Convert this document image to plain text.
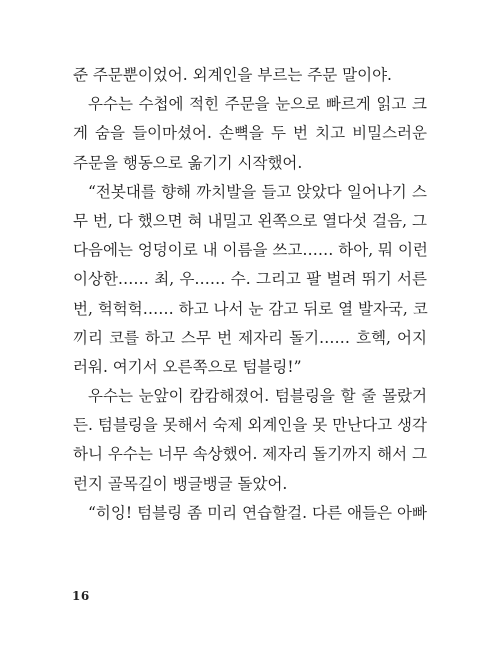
준 주문뿐이었어. 외계인을 부르는 주문 말이야.
우수는 수첩에 적힌 주문을 눈으로 빠르게 읽고 크
게 숨을 들이마셨어. 손뼉을 두 번 치고 비밀스러운
주문을 행동으로 옮기기 시작했어.
“전봇대를 향해 까치발을 들고 앉았다 일어나기 스
무 번, 다 했으면 혀 내밀고 왼쪽으로 열다섯 걸음, 그
다음에는 엉덩이로 내 이름을 쓰고…… 하아, 뭐 이런
이상한…… 최, 우…… 수. 그리고 팔 벌려 뛰기 서른
번, 헉헉헉…… 하고 나서 눈 감고 뒤로 열 발자국, 코
끼리 코를 하고 스무 번 제자리 돌기…… 흐헥, 어지
러워. 여기서 오른쪽으로 텀블링!”
우수는 눈앞이 캄캄해졌어. 텀블링을 할 줄 몰랐거
든. 텀블링을 못해서 숙제 외계인을 못 만난다고 생각
하니 우수는 너무 속상했어. 제자리 돌기까지 해서 그
런지 골목길이 뱅글뱅글 돌았어.
“히잉! 텀블링 좀 미리 연습할걸. 다른 애들은 아빠
16
